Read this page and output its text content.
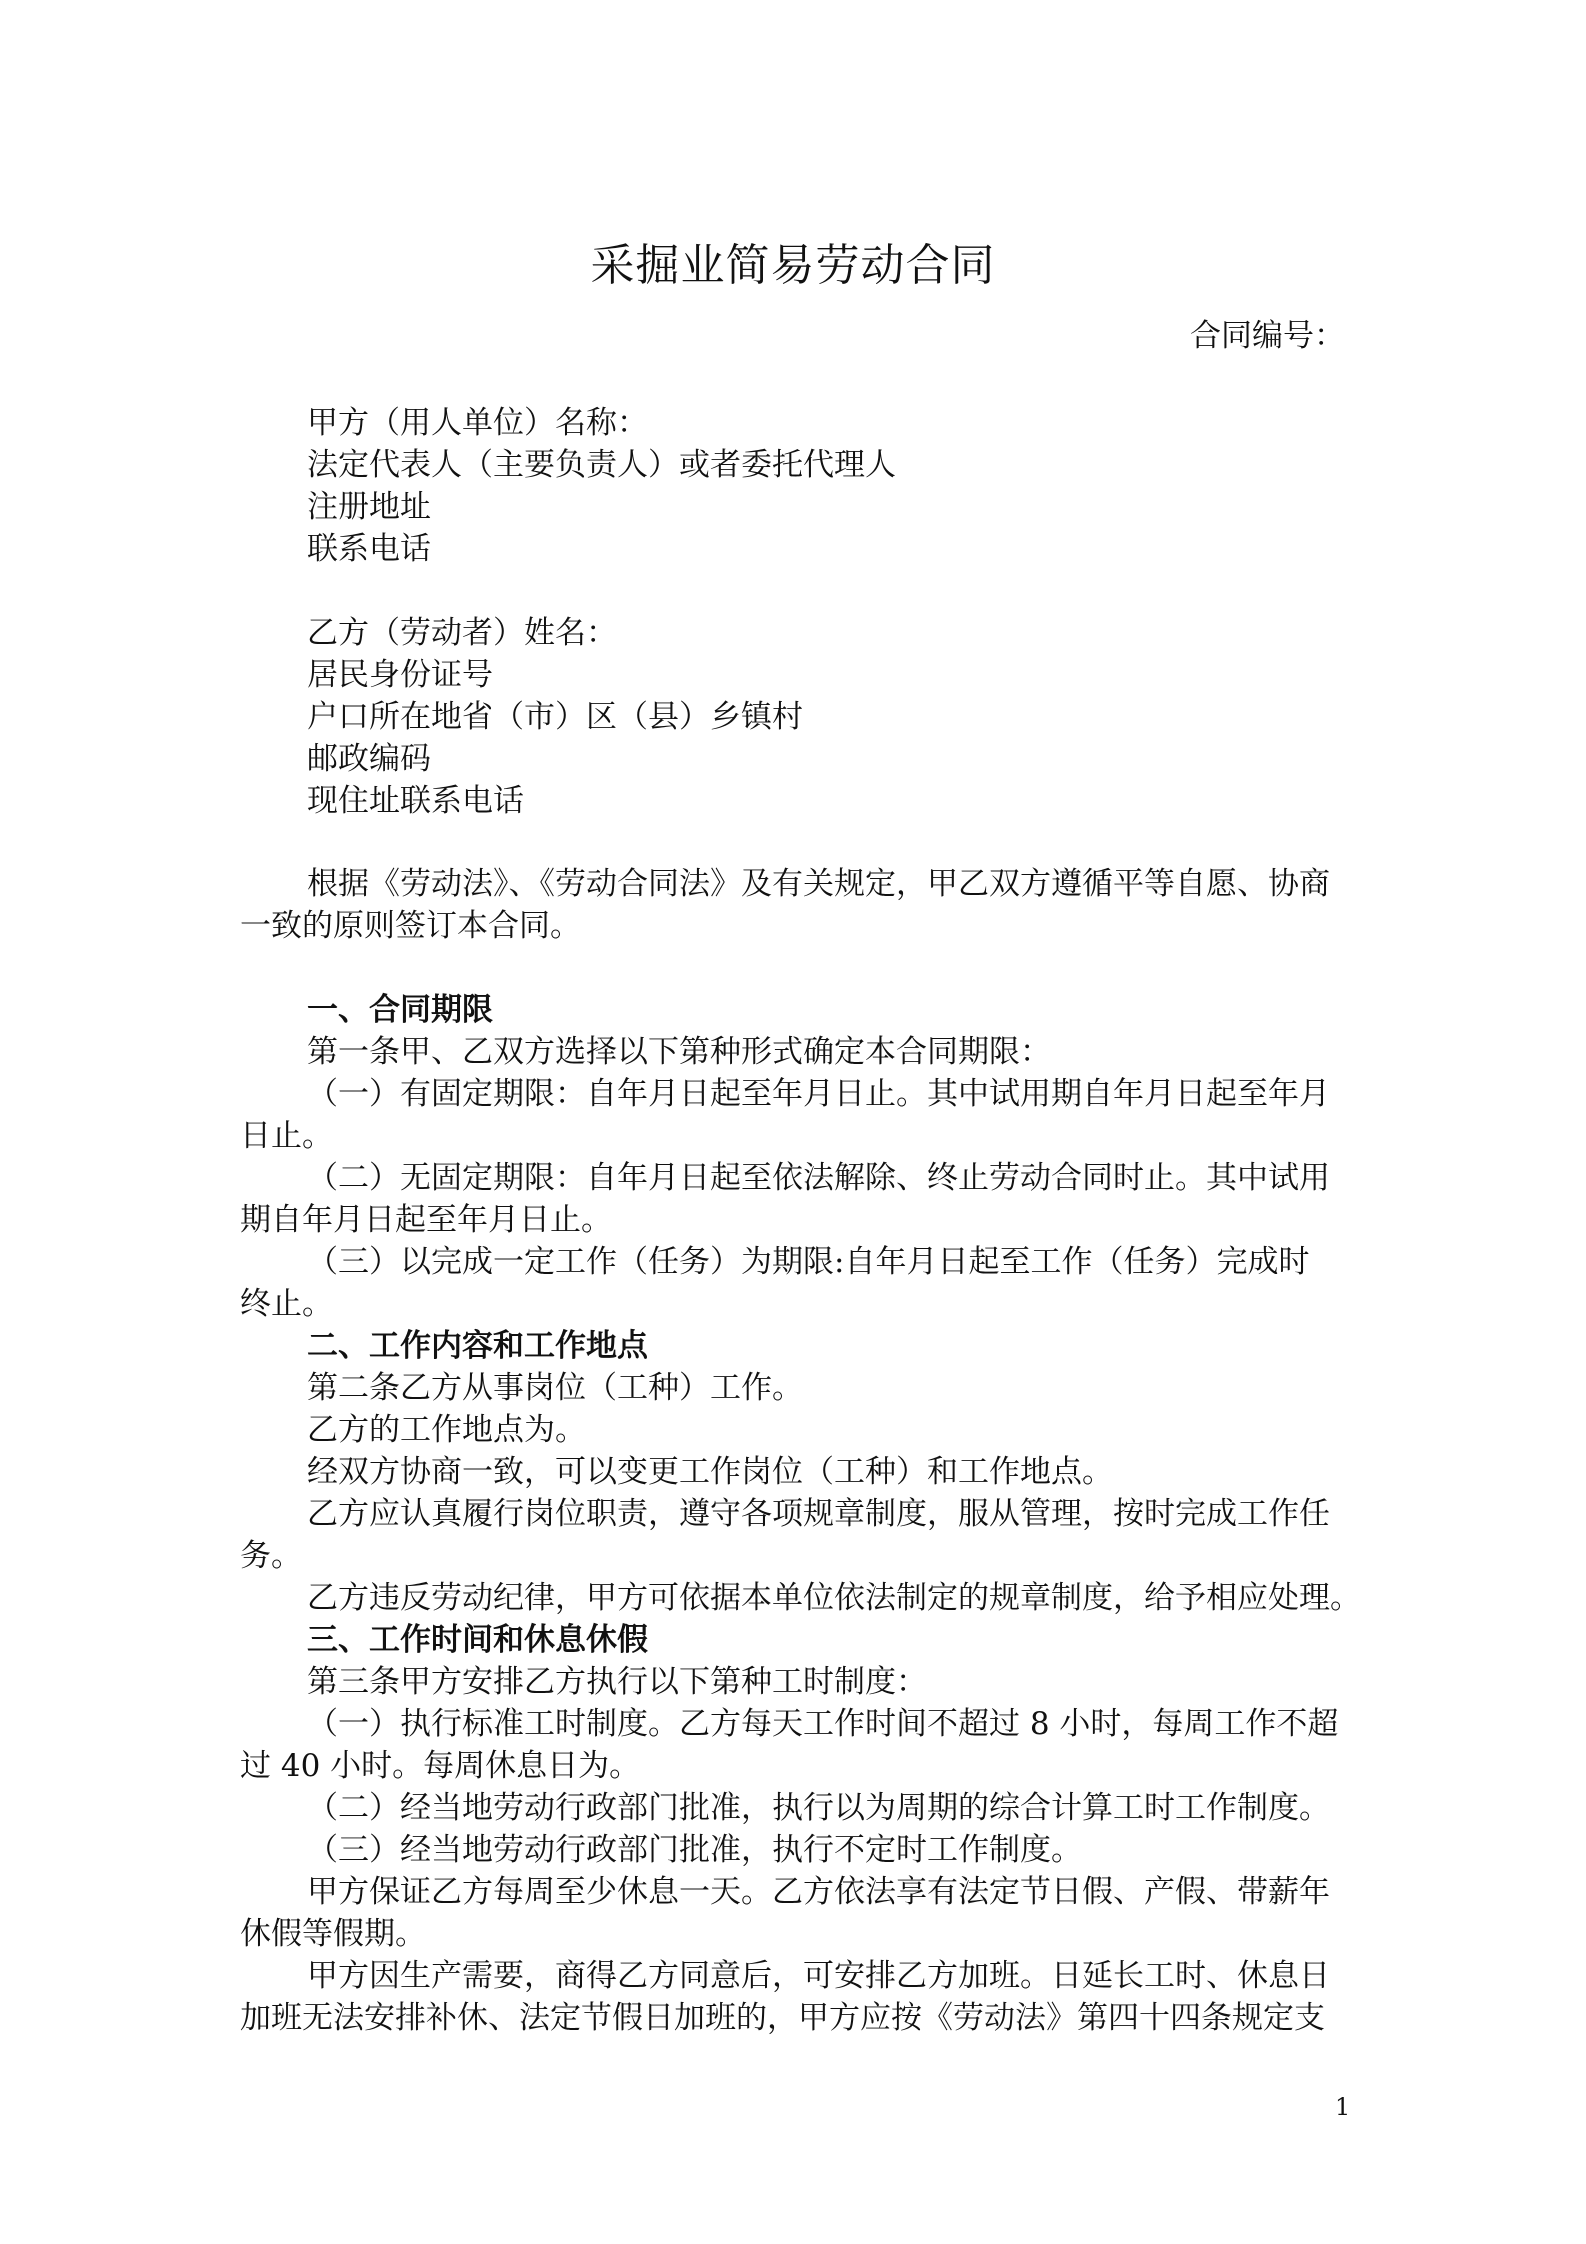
采掘业简易劳动合同
合同编号：
甲方（用人单位）名称：
法定代表人（主要负责人）或者委托代理人
注册地址
联系电话
乙方（劳动者）姓名：
居民身份证号
户口所在地省（市）区（县）乡镇村
邮政编码
现住址联系电话
根据《劳动法》、《劳动合同法》及有关规定，甲乙双方遵循平等自愿、协商
一致的原则签订本合同。
一、合同期限
第一条甲、乙双方选择以下第种形式确定本合同期限：
（一）有固定期限：自年月日起至年月日止。其中试用期自年月日起至年月
日止。
（二）无固定期限：自年月日起至依法解除、终止劳动合同时止。其中试用
期自年月日起至年月日止。
（三）以完成一定工作（任务）为期限:自年月日起至工作（任务）完成时
终止。
二、工作内容和工作地点
第二条乙方从事岗位（工种）工作。
乙方的工作地点为。
经双方协商一致，可以变更工作岗位（工种）和工作地点。
乙方应认真履行岗位职责，遵守各项规章制度，服从管理，按时完成工作任
务。
乙方违反劳动纪律，甲方可依据本单位依法制定的规章制度，给予相应处理。
三、工作时间和休息休假
第三条甲方安排乙方执行以下第种工时制度：
（一）执行标准工时制度。乙方每天工作时间不超过 8 小时，每周工作不超
过 40 小时。每周休息日为。
（二）经当地劳动行政部门批准，执行以为周期的综合计算工时工作制度。
（三）经当地劳动行政部门批准，执行不定时工作制度。
甲方保证乙方每周至少休息一天。乙方依法享有法定节日假、产假、带薪年
休假等假期。
甲方因生产需要，商得乙方同意后，可安排乙方加班。日延长工时、休息日
加班无法安排补休、法定节假日加班的，甲方应按《劳动法》第四十四条规定支
1
